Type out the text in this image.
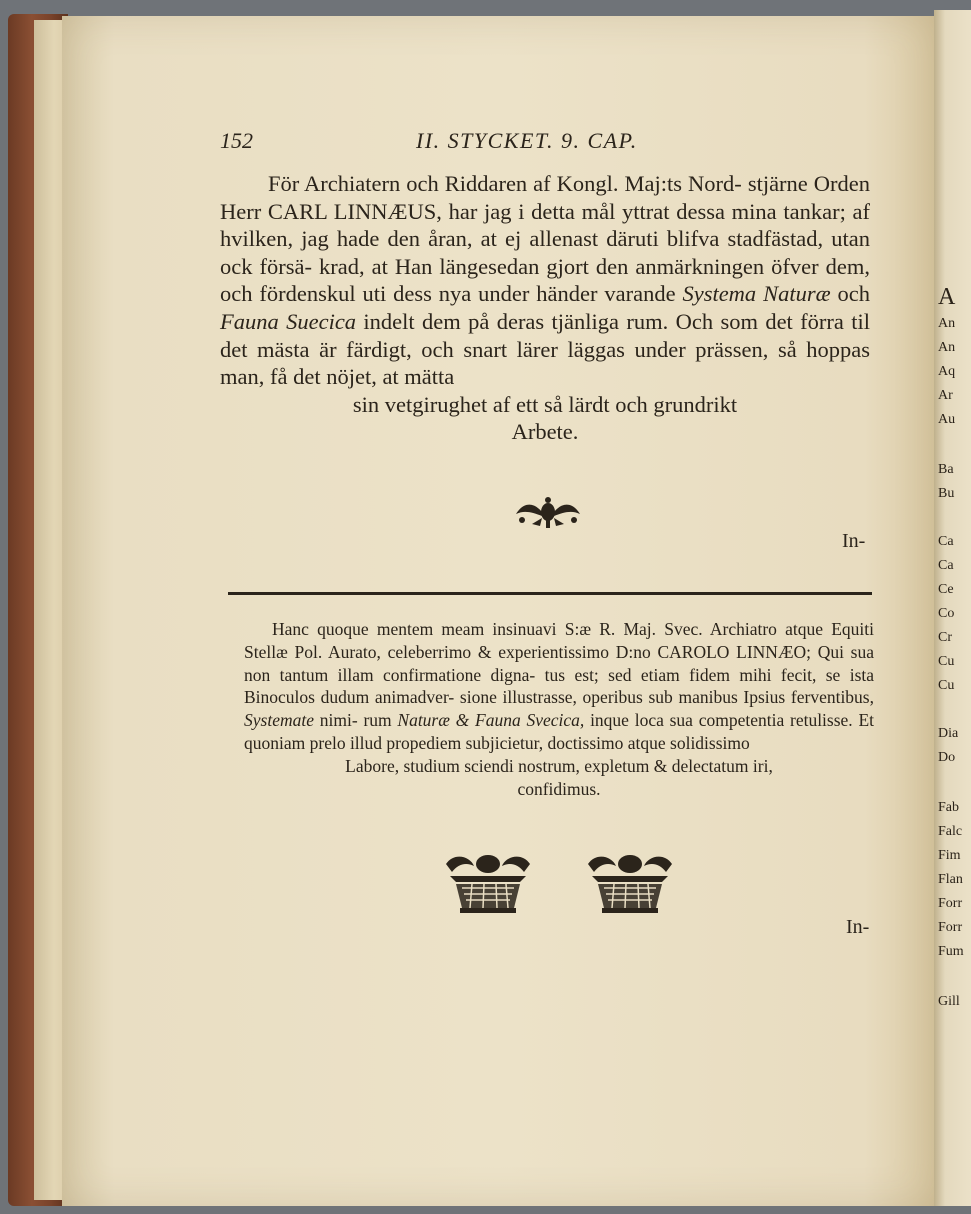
152	II. STYCKET. 9. CAP.

För Archiatern och Riddaren af Kongl. Maj:ts Nord- stjärne Orden Herr CARL LINNÆUS, har jag i detta mål yttrat dessa mina tankar; af hvilken, jag hade den åran, at ej allenast däruti blifva stadfästad, utan ock försä- krad, at Han längesedan gjort den anmärkningen öfver dem, och fördenskul uti dess nya under händer varande Systema Naturæ och Fauna Suecica indelt dem på deras tjänliga rum. Och som det förra til det mästa är färdigt, och snart lärer läggas under prässen, så hoppas man, få det nöjet, at mätta

sin vetgirughet af ett så lärdt och grundrikt
Arbete.
In-

Hanc quoque mentem meam insinuavi S:æ R. Maj. Svec. Archiatro atque Equiti Stellæ Pol. Aurato, celeberrimo & experientissimo D:no CAROLO LINNÆO; Qui sua non tantum illam confirmatione digna- tus est; sed etiam fidem mihi fecit, se ista Binoculos dudum animadver- sione illustrasse, operibus sub manibus Ipsius ferventibus, Systemate nimi- rum Naturæ & Fauna Svecica, inque loca sua competentia retulisse. Et quoniam prelo illud propediem subjicietur, doctissimo atque solidissimo

Labore, studium sciendi nostrum, expletum & delectatum iri,
confidimus.
In-
A
An
An
Aq
Ar
Au
Ba
Bu
Ca
Ca
Ce
Co
Cr
Cu
Cu
Dia
Do
Fab
Falc
Fim
Flan
Forr
Forr
Fum
Gill
